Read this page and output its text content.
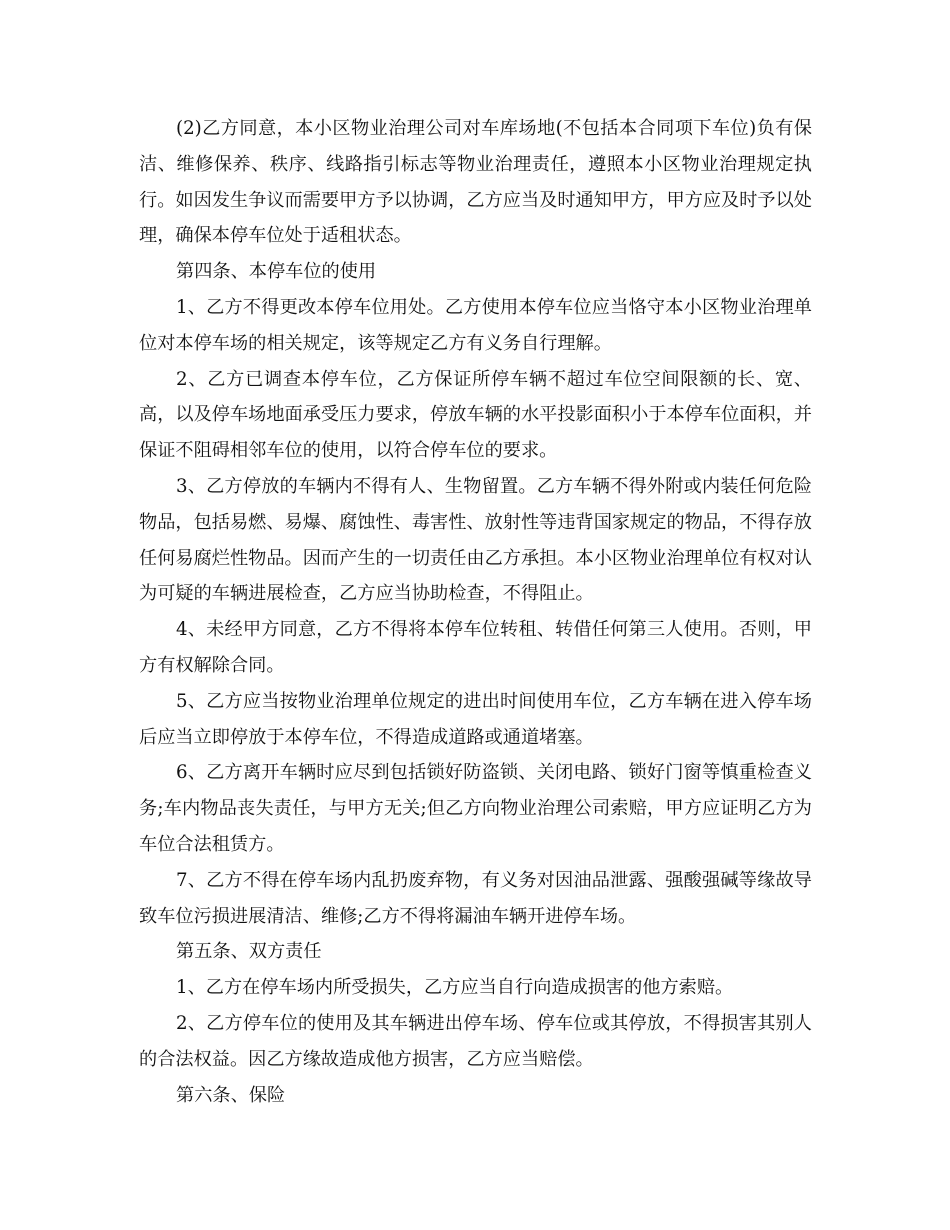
(2)乙方同意，本小区物业治理公司对车库场地(不包括本合同项下车位)负有保洁、维修保养、秩序、线路指引标志等物业治理责任，遵照本小区物业治理规定执行。如因发生争议而需要甲方予以协调，乙方应当及时通知甲方，甲方应及时予以处理，确保本停车位处于适租状态。

第四条、本停车位的使用

1、乙方不得更改本停车位用处。乙方使用本停车位应当恪守本小区物业治理单位对本停车场的相关规定，该等规定乙方有义务自行理解。

2、乙方已调查本停车位，乙方保证所停车辆不超过车位空间限额的长、宽、高，以及停车场地面承受压力要求，停放车辆的水平投影面积小于本停车位面积，并保证不阻碍相邻车位的使用，以符合停车位的要求。

3、乙方停放的车辆内不得有人、生物留置。乙方车辆不得外附或内装任何危险物品，包括易燃、易爆、腐蚀性、毒害性、放射性等违背国家规定的物品，不得存放任何易腐烂性物品。因而产生的一切责任由乙方承担。本小区物业治理单位有权对认为可疑的车辆进展检查，乙方应当协助检查，不得阻止。

4、未经甲方同意，乙方不得将本停车位转租、转借任何第三人使用。否则，甲方有权解除合同。

5、乙方应当按物业治理单位规定的进出时间使用车位，乙方车辆在进入停车场后应当立即停放于本停车位，不得造成道路或通道堵塞。

6、乙方离开车辆时应尽到包括锁好防盗锁、关闭电路、锁好门窗等慎重检查义务;车内物品丧失责任，与甲方无关;但乙方向物业治理公司索赔，甲方应证明乙方为车位合法租赁方。

7、乙方不得在停车场内乱扔废弃物，有义务对因油品泄露、强酸强碱等缘故导致车位污损进展清洁、维修;乙方不得将漏油车辆开进停车场。

第五条、双方责任

1、乙方在停车场内所受损失，乙方应当自行向造成损害的他方索赔。

2、乙方停车位的使用及其车辆进出停车场、停车位或其停放，不得损害其别人的合法权益。因乙方缘故造成他方损害，乙方应当赔偿。

第六条、保险
